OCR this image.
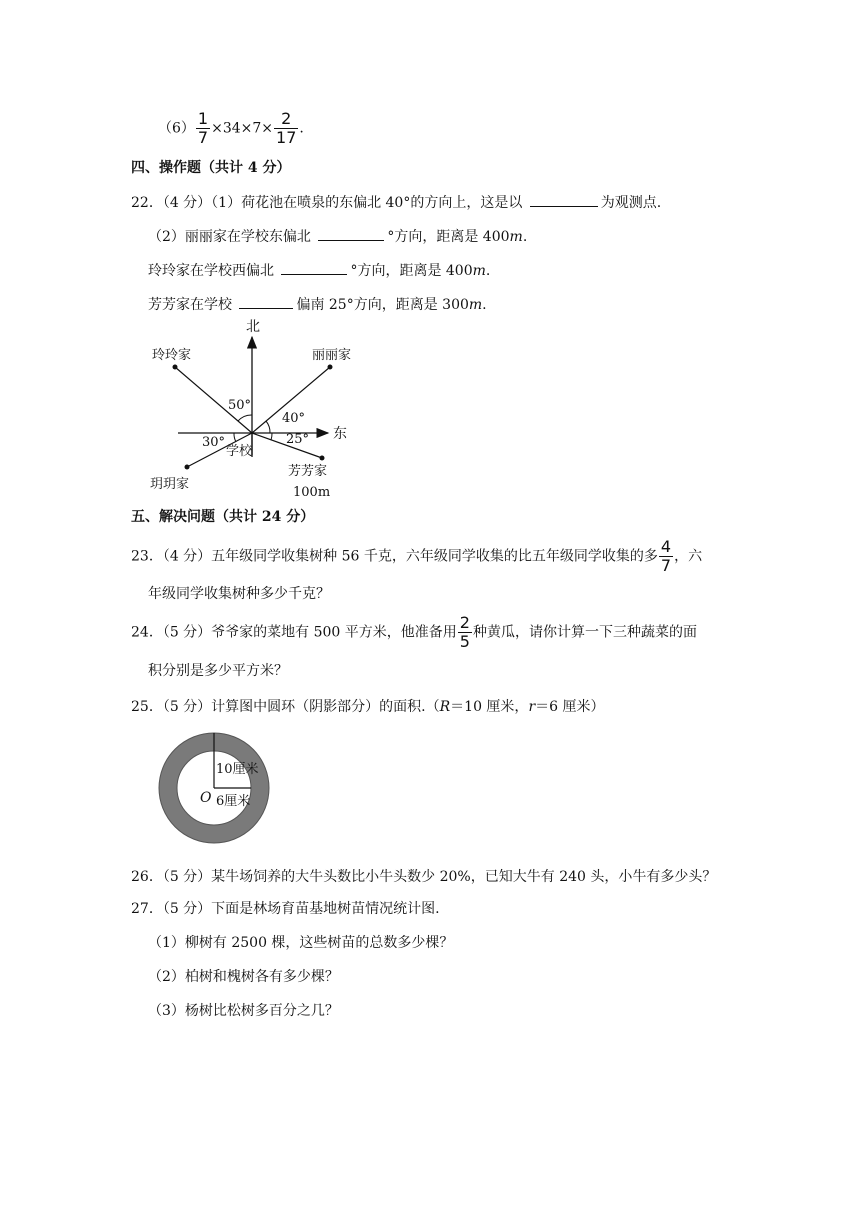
$(6) \frac{1}{7} \times 34\times 7\times \frac{2}{17}$ .
四、操作题（共计 4 分）
22．（4 分）（1）荷花池在喷泉的东偏北 40°的方向上，这是以	为观测点.
（2）丽丽家在学校东偏北	°方向，距离是 400m.
玲玲家在学校西偏北	°方向，距离是 400m.
芳芳家在学校	偏南 25°方向，距离是 300m.
北
东
玲玲家	丽丽家
玥玥家
芳芳家
学校
50°
40°
30°	25°
100m
五、解决问题（共计 24 分）
23．（4 分）五年级同学收集树种 56 千克，六年级同学收集的比五年级同学收集的多 $\frac{4}{7}$ ，六
年级同学收集树种多少千克？
24．（5 分）爷爷家的菜地有 500 平方米，他准备用 $\frac{2}{5}$ 种黄瓜，请你计算一下三种蔬菜的面
积分别是多少平方米？
25．（5 分）计算图中圆环（阴影部分）的面积.（R＝10 厘米，r＝6 厘米）
10厘米
6厘米
O
26．（5 分）某牛场饲养的大牛头数比小牛头数少 20%，已知大牛有 240 头，小牛有多少头？
27．（5 分）下面是林场育苗基地树苗情况统计图.
（1）柳树有 2500 棵，这些树苗的总数多少棵？
（2）柏树和槐树各有多少棵？
（3）杨树比松树多百分之几？
